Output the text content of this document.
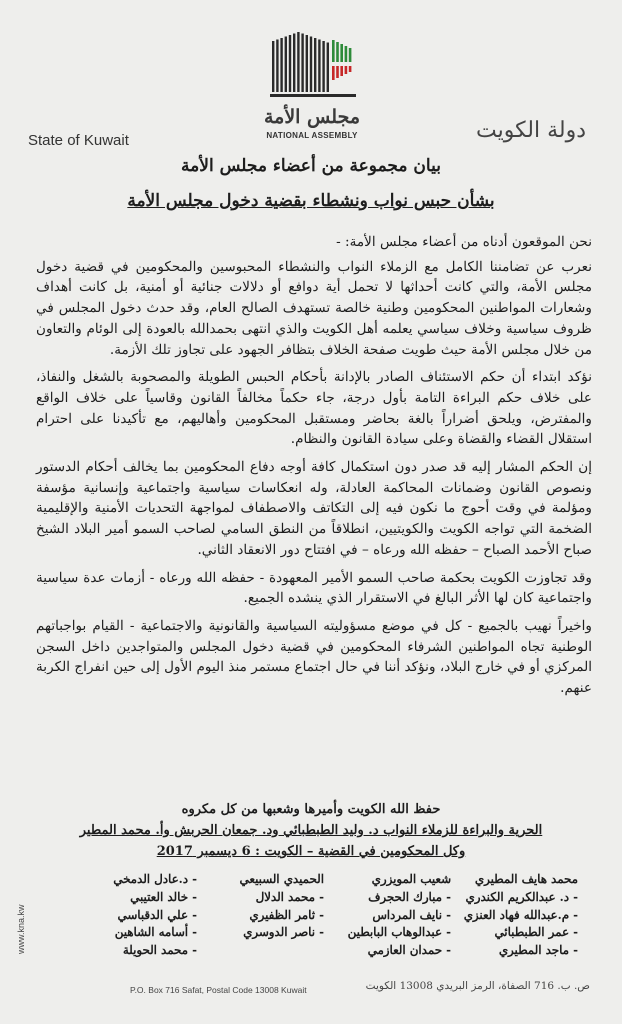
مجلس الأمة
NATIONAL ASSEMBLY
State of Kuwait	دولة الكويت
بيان مجموعة من أعضاء مجلس الأمة
بشأن حبس نواب ونشطاء بقضية دخول مجلس الأمة

نحن الموقعون أدناه من أعضاء مجلس الأمة: -

نعرب عن تضامننا الكامل مع الزملاء النواب والنشطاء المحبوسين والمحكومين في قضية دخول مجلس الأمة، والتي كانت أحداثها لا تحمل أية دوافع أو دلالات جنائية أو أمنية، بل كانت أهداف وشعارات المواطنين المحكومين وطنية خالصة تستهدف الصالح العام، وقد حدث دخول المجلس في ظروف سياسية وخلاف سياسي يعلمه أهل الكويت والذي انتهى بحمدالله بالعودة إلى الوئام والتعاون من خلال مجلس الأمة حيث طويت صفحة الخلاف بتظافر الجهود على تجاوز تلك الأزمة.

نؤكد ابتداء أن حكم الاستئناف الصادر بالإدانة بأحكام الحبس الطويلة والمصحوبة بالشغل والنفاذ، على خلاف حكم البراءة التامة بأول درجة، جاء حكماً مخالفاً القانون وقاسياً على خلاف الواقع والمفترض، ويلحق أضراراً بالغة بحاضر ومستقبل المحكومين وأهاليهم، مع تأكيدنا على احترام استقلال القضاء والقضاة وعلى سيادة القانون والنظام.

إن الحكم المشار إليه قد صدر دون استكمال كافة أوجه دفاع المحكومين بما يخالف أحكام الدستور ونصوص القانون وضمانات المحاكمة العادلة، وله انعكاسات سياسية واجتماعية وإنسانية مؤسفة ومؤلمة في وقت أحوج ما نكون فيه إلى التكاتف والاصطفاف لمواجهة التحديات الأمنية والإقليمية الضخمة التي تواجه الكويت والكويتيين، انطلاقاً من النطق السامي لصاحب السمو أمير البلاد الشيخ صباح الأحمد الصباح – حفظه الله ورعاه – في افتتاح دور الانعقاد الثاني.

وقد تجاوزت الكويت بحكمة صاحب السمو الأمير المعهودة - حفظه الله ورعاه - أزمات عدة سياسية واجتماعية كان لها الأثر البالغ في الاستقرار الذي ينشده الجميع.

واخيراً نهيب بالجميع - كل في موضع مسؤوليته السياسية والقانونية والاجتماعية - القيام بواجباتهم الوطنية تجاه المواطنين الشرفاء المحكومين في قضية دخول المجلس والمتواجدين داخل السجن المركزي أو في خارج البلاد، ونؤكد أننا في حال اجتماع مستمر منذ اليوم الأول إلى حين انفراج الكربة عنهم.

حفظ الله الكويت وأميرها وشعبها من كل مكروه
الحرية والبراءة للزملاء النواب د. وليد الطبطبائي ود. جمعان الحربش وأ. محمد المطير
وكل المحكومين في القضية – الكويت : 6 ديسمبر 2017
محمد هايف المطيري
شعيب المويزري
الحميدي السبيعي
- د.عادل الدمخي
- د. عبدالكريم الكندري
- مبارك الحجرف
- محمد الدلال
- خالد العتيبي
- م.عبدالله فهاد العنزي
- نايف المرداس
- ثامر الظفيري
- علي الدقباسي
- عمر الطبطبائي
- عبدالوهاب البابطين
- ناصر الدوسري
- أسامه الشاهين
- ماجد المطيري
- حمدان العازمي
- محمد الحويلة
www.kna.kw
P.O. Box 716 Safat, Postal Code 13008 Kuwait	ص. ب. 716 الصفاة، الرمز البريدي 13008 الكويت
